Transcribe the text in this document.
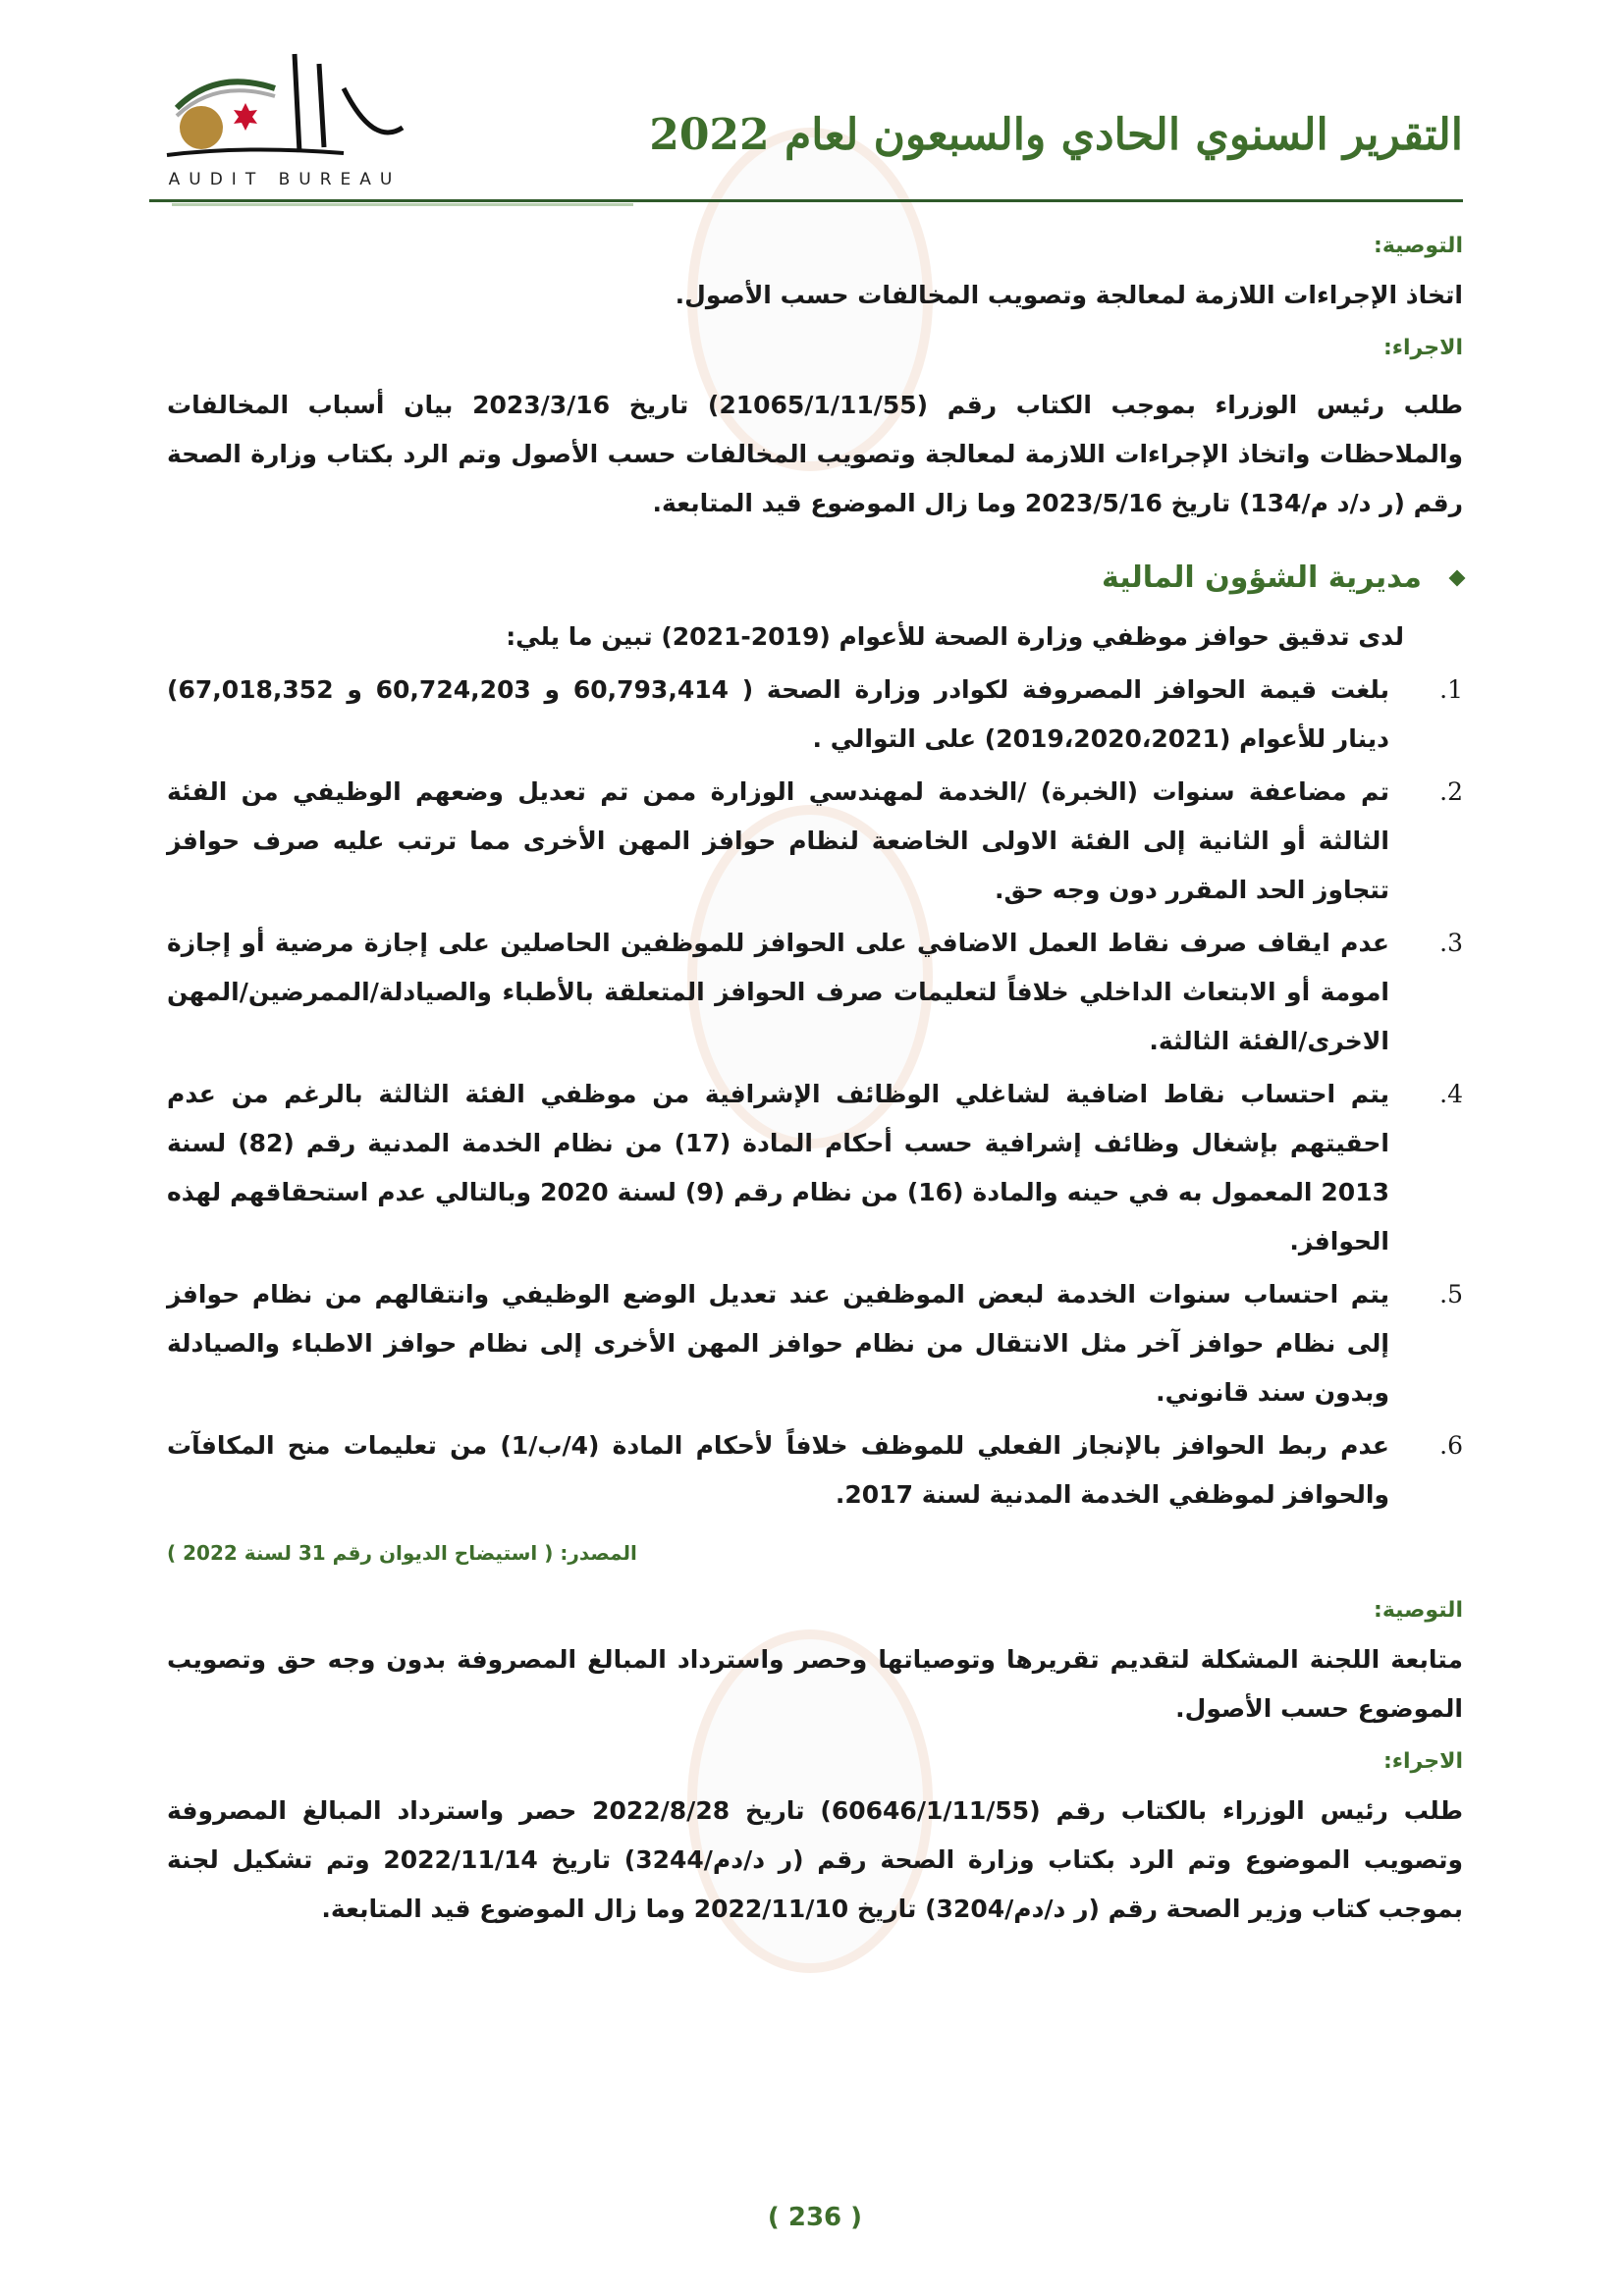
التقرير السنوي الحادي والسبعون لعام 2022
AUDIT BUREAU
التوصية:
اتخاذ الإجراءات اللازمة لمعالجة وتصويب المخالفات حسب الأصول.
الاجراء:
طلب رئيس الوزراء بموجب الكتاب رقم (21065/1/11/55) تاريخ 2023/3/16 بيان أسباب المخالفات والملاحظات واتخاذ الإجراءات اللازمة لمعالجة وتصويب المخالفات حسب الأصول وتم الرد بكتاب وزارة الصحة رقم (ر د/د م/134) تاريخ 2023/5/16 وما زال الموضوع قيد المتابعة.
مديرية الشؤون المالية
لدى تدقيق حوافز موظفي وزارة الصحة للأعوام (2019-2021) تبين ما يلي:
1.
بلغت قيمة الحوافز المصروفة لكوادر وزارة الصحة ( 60,793,414 و 60,724,203 و 67,018,352) دينار للأعوام (2019،2020،2021) على التوالي .
2.
تم مضاعفة سنوات (الخبرة) /الخدمة لمهندسي الوزارة ممن تم تعديل وضعهم الوظيفي من الفئة الثالثة أو الثانية إلى الفئة الاولى الخاضعة لنظام حوافز المهن الأخرى مما ترتب عليه صرف حوافز تتجاوز الحد المقرر دون وجه حق.
3.
عدم ايقاف صرف نقاط العمل الاضافي على الحوافز للموظفين الحاصلين على إجازة مرضية أو إجازة امومة أو الابتعاث الداخلي خلافاً لتعليمات صرف الحوافز المتعلقة بالأطباء والصيادلة/الممرضين/المهن الاخرى/الفئة الثالثة.
4.
يتم احتساب نقاط اضافية لشاغلي الوظائف الإشرافية من موظفي الفئة الثالثة بالرغم من عدم احقيتهم بإشغال وظائف إشرافية حسب أحكام المادة (17) من نظام الخدمة المدنية رقم (82) لسنة 2013 المعمول به في حينه والمادة (16) من نظام رقم (9) لسنة 2020 وبالتالي عدم استحقاقهم لهذه الحوافز.
5.
يتم احتساب سنوات الخدمة لبعض الموظفين عند تعديل الوضع الوظيفي وانتقالهم من نظام حوافز إلى نظام حوافز آخر مثل الانتقال من نظام حوافز المهن الأخرى إلى نظام حوافز الاطباء والصيادلة وبدون سند قانوني.
6.
عدم ربط الحوافز بالإنجاز الفعلي للموظف خلافاً لأحكام المادة (4/ب/1) من تعليمات منح المكافآت والحوافز لموظفي الخدمة المدنية لسنة 2017.
المصدر: ( استيضاح الديوان رقم 31 لسنة 2022 )
التوصية:
متابعة اللجنة المشكلة لتقديم تقريرها وتوصياتها وحصر واسترداد المبالغ المصروفة بدون وجه حق وتصويب الموضوع حسب الأصول.
الاجراء:
طلب رئيس الوزراء بالكتاب رقم (60646/1/11/55) تاريخ 2022/8/28 حصر واسترداد المبالغ المصروفة وتصويب الموضوع وتم الرد بكتاب وزارة الصحة رقم (ر د/دم/3244) تاريخ 2022/11/14 وتم تشكيل لجنة بموجب كتاب وزير الصحة رقم (ر د/دم/3204) تاريخ 2022/11/10 وما زال الموضوع قيد المتابعة.
( 236 )
